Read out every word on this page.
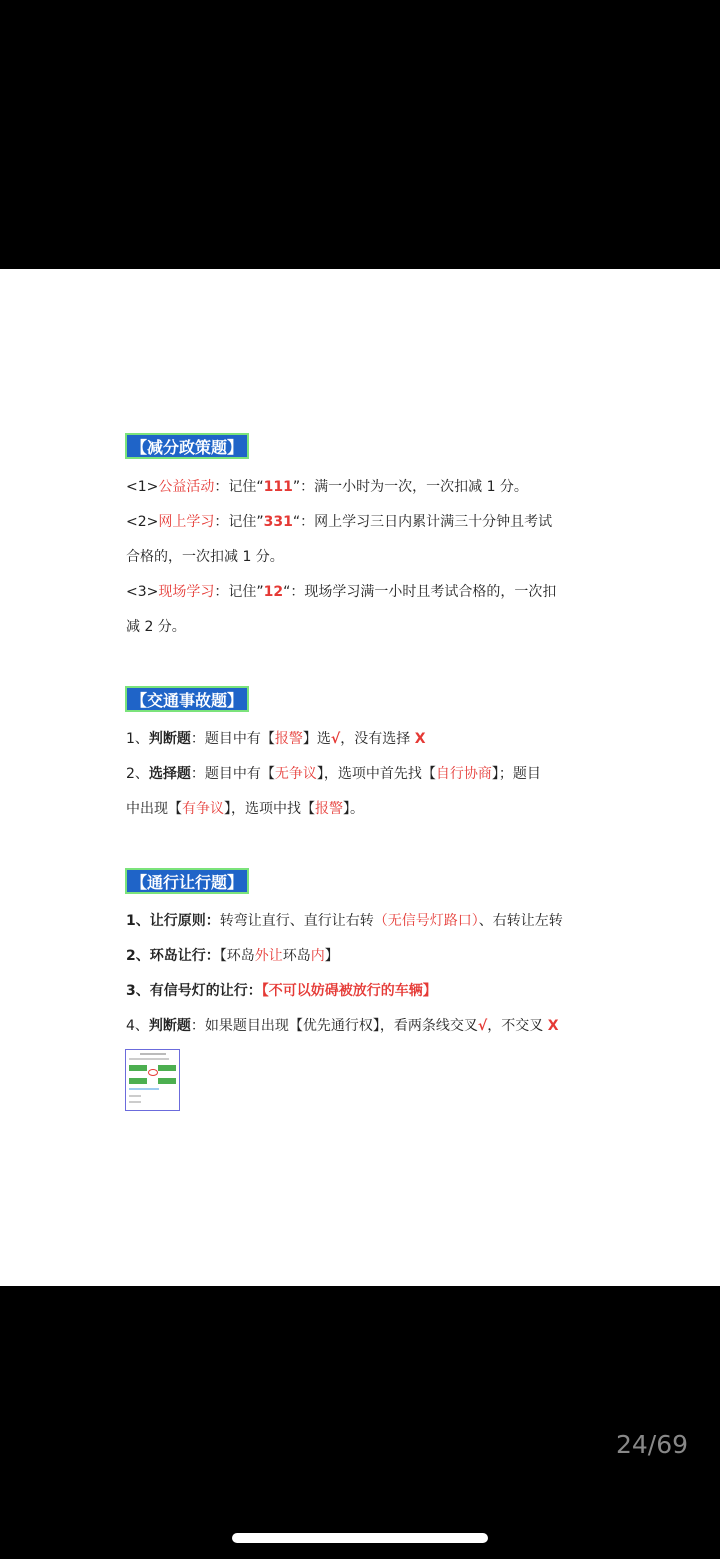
【减分政策题】
<1>公益活动：记住“111”：满一小时为一次，一次扣减 1 分。
<2>网上学习：记住”331“：网上学习三日内累计满三十分钟且考试
合格的，一次扣减 1 分。
<3>现场学习：记住”12“：现场学习满一小时且考试合格的，一次扣
减 2 分。
【交通事故题】
1、判断题：题目中有【报警】选√，没有选择 X
2、选择题：题目中有【无争议】，选项中首先找【自行协商】；题目
中出现【有争议】，选项中找【报警】。
【通行让行题】
1、让行原则：转弯让直行、直行让右转（无信号灯路口）、右转让左转
2、环岛让行：【环岛外让环岛内】
3、有信号灯的让行：【不可以妨碍被放行的车辆】
4、判断题：如果题目出现【优先通行权】，看两条线交叉√，不交叉 X
24/69
